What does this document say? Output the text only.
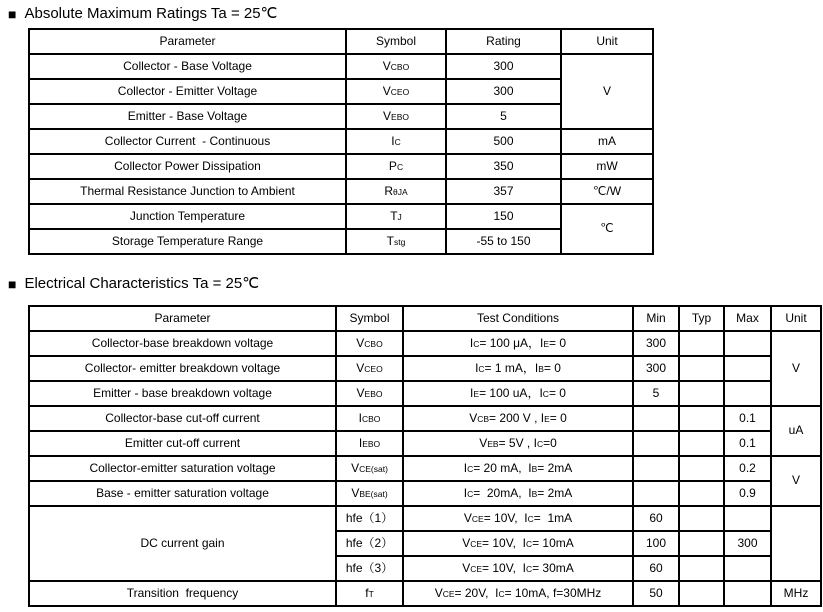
■ Absolute Maximum Ratings Ta = 25℃
Parameter	Symbol	Rating	Unit
Collector - Base Voltage	VCBO	300	V
Collector - Emitter Voltage	VCEO	300	
Emitter - Base Voltage	VEBO	5	
Collector Current  - Continuous	IC	500	mA
Collector Power Dissipation	PC	350	mW
Thermal Resistance Junction to Ambient	RθJA	357	℃/W
Junction Temperature	TJ	150	℃
Storage Temperature Range	Tstg	-55 to 150	
■ Electrical Characteristics Ta = 25℃
Parameter	Symbol	Test Conditions	Min	Typ	Max	Unit
Collector-base breakdown voltage	VCBO	IC= 100 μA，IE= 0	300			V
Collector- emitter breakdown voltage	VCEO	IC= 1 mA，IB= 0	300			
Emitter - base breakdown voltage	VEBO	IE= 100 uA，IC= 0	5			
Collector-base cut-off current	ICBO	VCB= 200 V , IE= 0			0.1	uA
Emitter cut-off current	IEBO	VEB= 5V , IC=0			0.1	
Collector-emitter saturation voltage	VCE(sat)	IC= 20 mA,  IB= 2mA			0.2	V
Base - emitter saturation voltage	VBE(sat)	IC=  20mA,  IB= 2mA			0.9	
DC current gain	hfe（1）	VCE= 10V,  IC=  1mA	60			
	hfe（2）	VCE= 10V,  IC= 10mA	100		300	
	hfe（3）	VCE= 10V,  IC= 30mA	60			
Transition  frequency	fT	VCE= 20V,  IC= 10mA, f=30MHz	50			MHz
